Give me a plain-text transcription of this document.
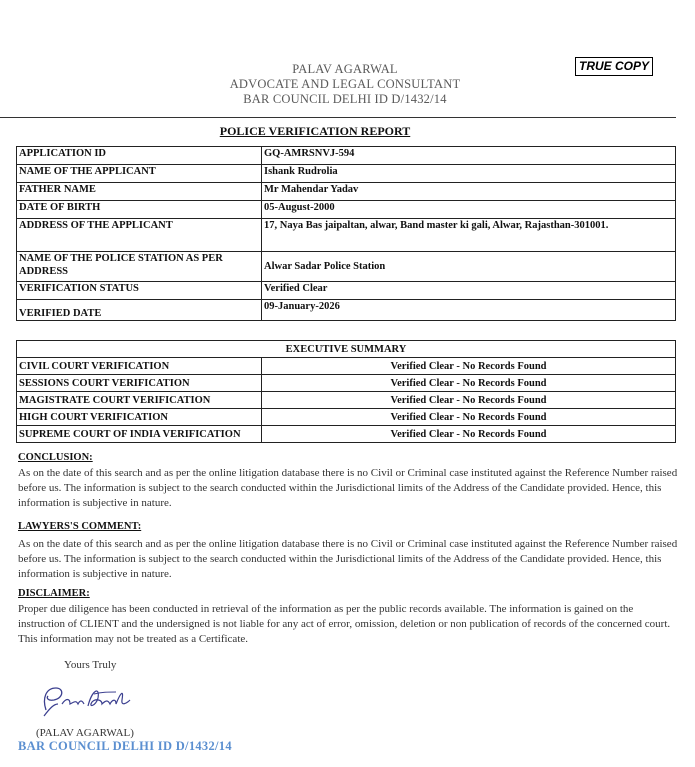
PALAV AGARWAL
ADVOCATE AND LEGAL CONSULTANT
BAR COUNCIL DELHI ID D/1432/14
TRUE COPY
POLICE VERIFICATION REPORT
APPLICATION ID	GQ-AMRSNVJ-594
NAME OF THE APPLICANT	Ishank Rudrolia
FATHER NAME	Mr Mahendar Yadav
DATE OF BIRTH	05-August-2000
ADDRESS OF THE APPLICANT	17, Naya Bas jaipaltan, alwar, Band master ki gali, Alwar, Rajasthan-301001.
NAME OF THE POLICE STATION AS PER ADDRESS	Alwar Sadar Police Station
VERIFICATION STATUS	Verified Clear
VERIFIED DATE	09-January-2026
EXECUTIVE SUMMARY	
CIVIL COURT VERIFICATION	Verified Clear - No Records Found
SESSIONS COURT VERIFICATION	Verified Clear - No Records Found
MAGISTRATE COURT VERIFICATION	Verified Clear - No Records Found
HIGH COURT VERIFICATION	Verified Clear - No Records Found
SUPREME COURT OF INDIA VERIFICATION	Verified Clear - No Records Found
CONCLUSION:
As on the date of this search and as per the online litigation database there is no Civil or Criminal case instituted against the Reference Number raised before us. The information is subject to the search conducted within the Jurisdictional limits of the Address of the Candidate provided. Hence, this information is subjective in nature.
LAWYERS'S COMMENT:
As on the date of this search and as per the online litigation database there is no Civil or Criminal case instituted against the Reference Number raised before us. The information is subject to the search conducted within the Jurisdictional limits of the Address of the Candidate provided. Hence, this information is subjective in nature.
DISCLAIMER:
Proper due diligence has been conducted in retrieval of the information as per the public records available. The information is gained on the instruction of CLIENT and the undersigned is not liable for any act of error, omission, deletion or non publication of records of the concerned court. This information may not be treated as a Certificate.
Yours Truly
(PALAV AGARWAL)
BAR COUNCIL DELHI ID D/1432/14
